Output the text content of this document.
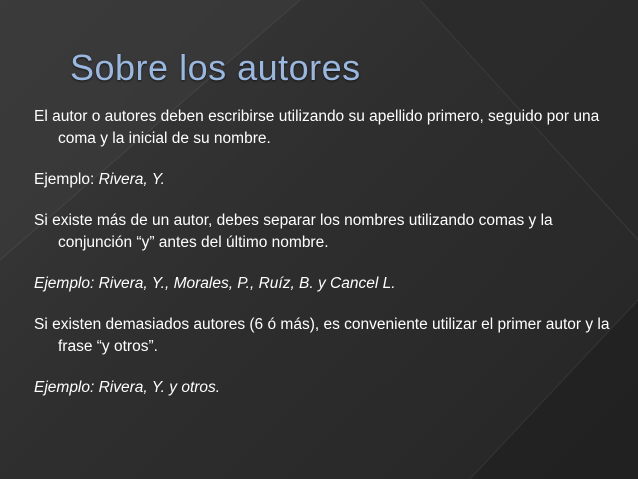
Sobre los autores
El autor o autores deben escribirse utilizando su apellido primero, seguido por una coma y la inicial de su nombre.
Ejemplo: Rivera, Y.
Si existe más de un autor, debes separar los nombres utilizando comas y la conjunción “y” antes del último nombre.
Ejemplo: Rivera, Y., Morales, P., Ruíz, B. y Cancel L.
Si existen demasiados autores (6 ó más), es conveniente utilizar el primer autor y la frase “y otros”.
Ejemplo: Rivera, Y. y otros.
